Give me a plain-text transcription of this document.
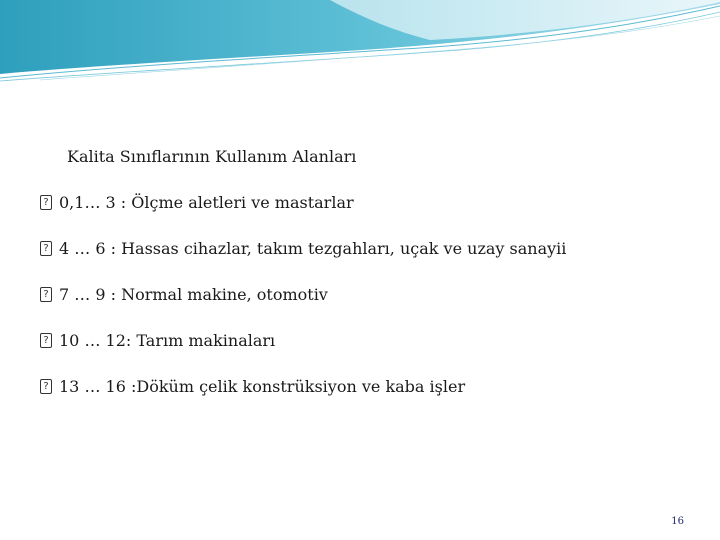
Kalita Sınıflarının Kullanım Alanları
? 0,1… 3 : Ölçme aletleri ve mastarlar
? 4 … 6 : Hassas cihazlar, takım tezgahları, uçak ve uzay sanayii
? 7 … 9 : Normal makine, otomotiv
? 10 … 12: Tarım makinaları
? 13 … 16 :Döküm çelik konstrüksiyon ve kaba işler
16
